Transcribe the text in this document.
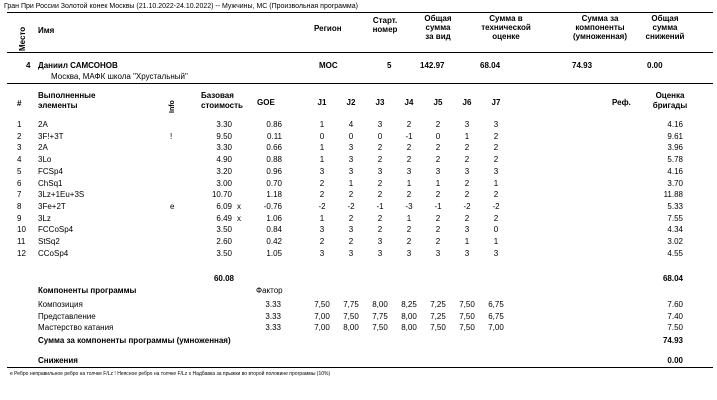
Гран При России Золотой конек Москвы (21.10.2022-24.10.2022) -- Мужчины, МС (Произвольная программа)
Место	Имя	Регион
Старт.
номер
Общая
сумма
за вид
Сумма в
технической
оценке
Сумма за
компоненты
(умноженная)
Общая
сумма
снижений
4 Даниил САМСОНОВ
Москва, МАФК школа "Хрустальный"
МОС	5	142.97	68.04	74.93	0.00
#
Выполненные
элементы	Info
Базовая
стоимость GOE	J1	J2	J3	J4	J5	J6	J7	Реф.
Оценка
бригады
1	2A	3.30	0.86	1	4	3	2	2	3	3	4.16
2	3F!+3T	!	9.50	0.11	0	0	0	-1	0	1	2	9.61
3	2A	3.30	0.66	1	3	2	2	2	2	2	3.96
4	3Lo	4.90	0.88	1	3	2	2	2	2	2	5.78
5	FCSp4	3.20	0.96	3	3	3	3	3	3	3	4.16
6	ChSq1	3.00	0.70	2	1	2	1	1	2	1	3.70
7	3Lz+1Eu+3S	10.70	1.18	2	2	2	2	2	2	2	11.88
8	3Fe+2T	e	6.09 x	-0.76	-2	-2	-1	-3	-1	-2	-2	5.33
9	3Lz	6.49 x	1.06	1	2	2	1	2	2	2	7.55
10 FCCoSp4	3.50	0.84	3	3	2	2	2	3	0	4.34
11 StSq2	2.60	0.42	2	2	3	2	2	1	1	3.02
12 CCoSp4	3.50	1.05	3	3	3	3	3	3	3	4.55
60.08	68.04
Компоненты программы	Фактор
Композиция	3.33	7,50	7,75	8,00	8,25	7,25	7,50	6,75	7.60
Представление	3.33	7,00	7,50	7,75	8,00	7,25	7,50	6,75	7.40
Мастерство катания	3.33	7,00	8,00	7,50	8,00	7,50	7,50	7,00	7.50
Сумма за компоненты программы (умноженная)	74.93
Снижения	0.00
e Ребро неправильное ребро на толчке F/Lz ! Неясное ребро на толчке F/Lz x Надбавка за прыжки во второй половине программы (10%)
